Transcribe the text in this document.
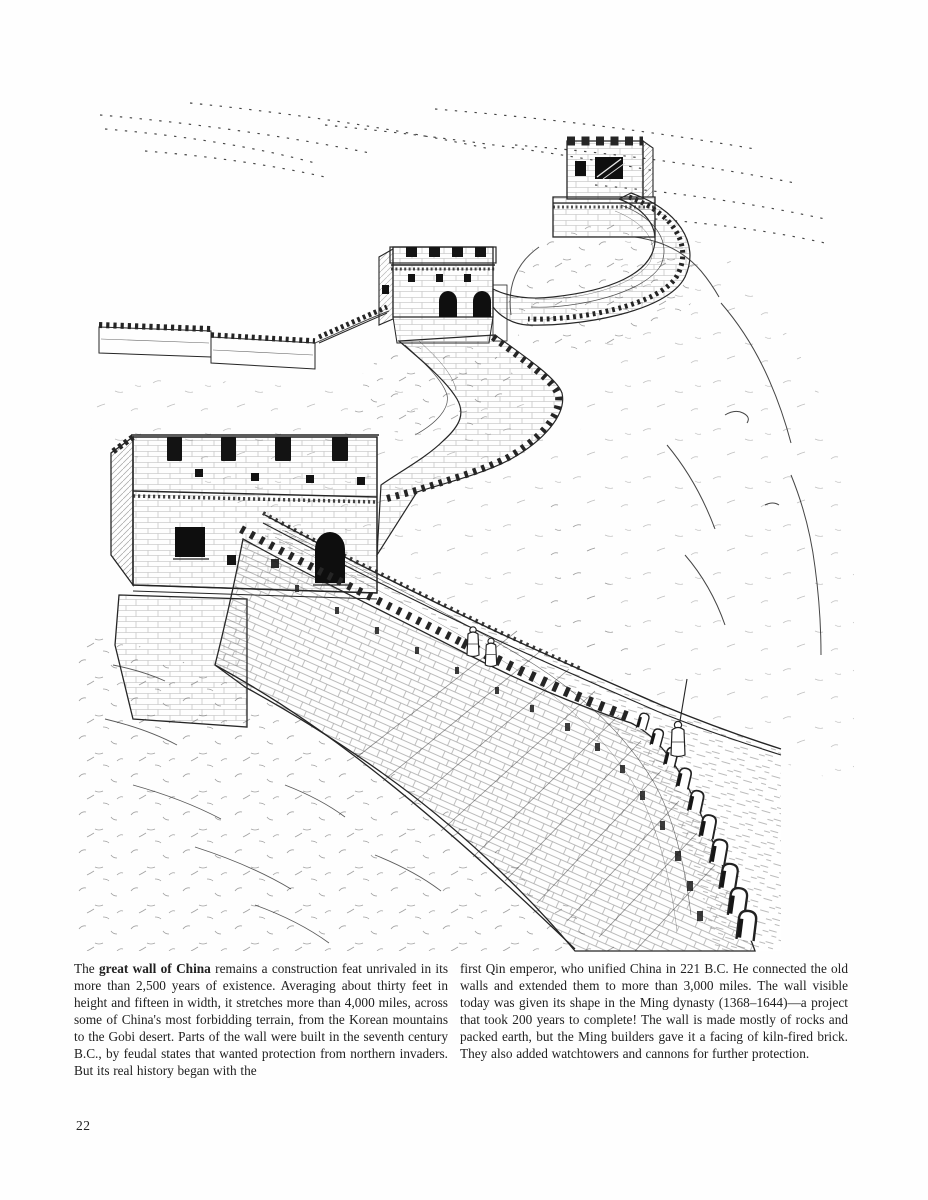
The great wall of China remains a construction feat unrivaled in its more than 2,500 years of existence. Averaging about thirty feet in height and fifteen in width, it stretches more than 4,000 miles, across some of China's most forbidding terrain, from the Korean mountains to the Gobi desert. Parts of the wall were built in the seventh century B.C., by feudal states that wanted protection from northern invaders. But its real history began with the

first Qin emperor, who unified China in 221 B.C. He connected the old walls and extended them to more than 3,000 miles. The wall visible today was given its shape in the Ming dynasty (1368–1644)—a project that took 200 years to complete! The wall is made mostly of rocks and packed earth, but the Ming builders gave it a facing of kiln-fired brick. They also added watchtowers and cannons for further protection.

22
